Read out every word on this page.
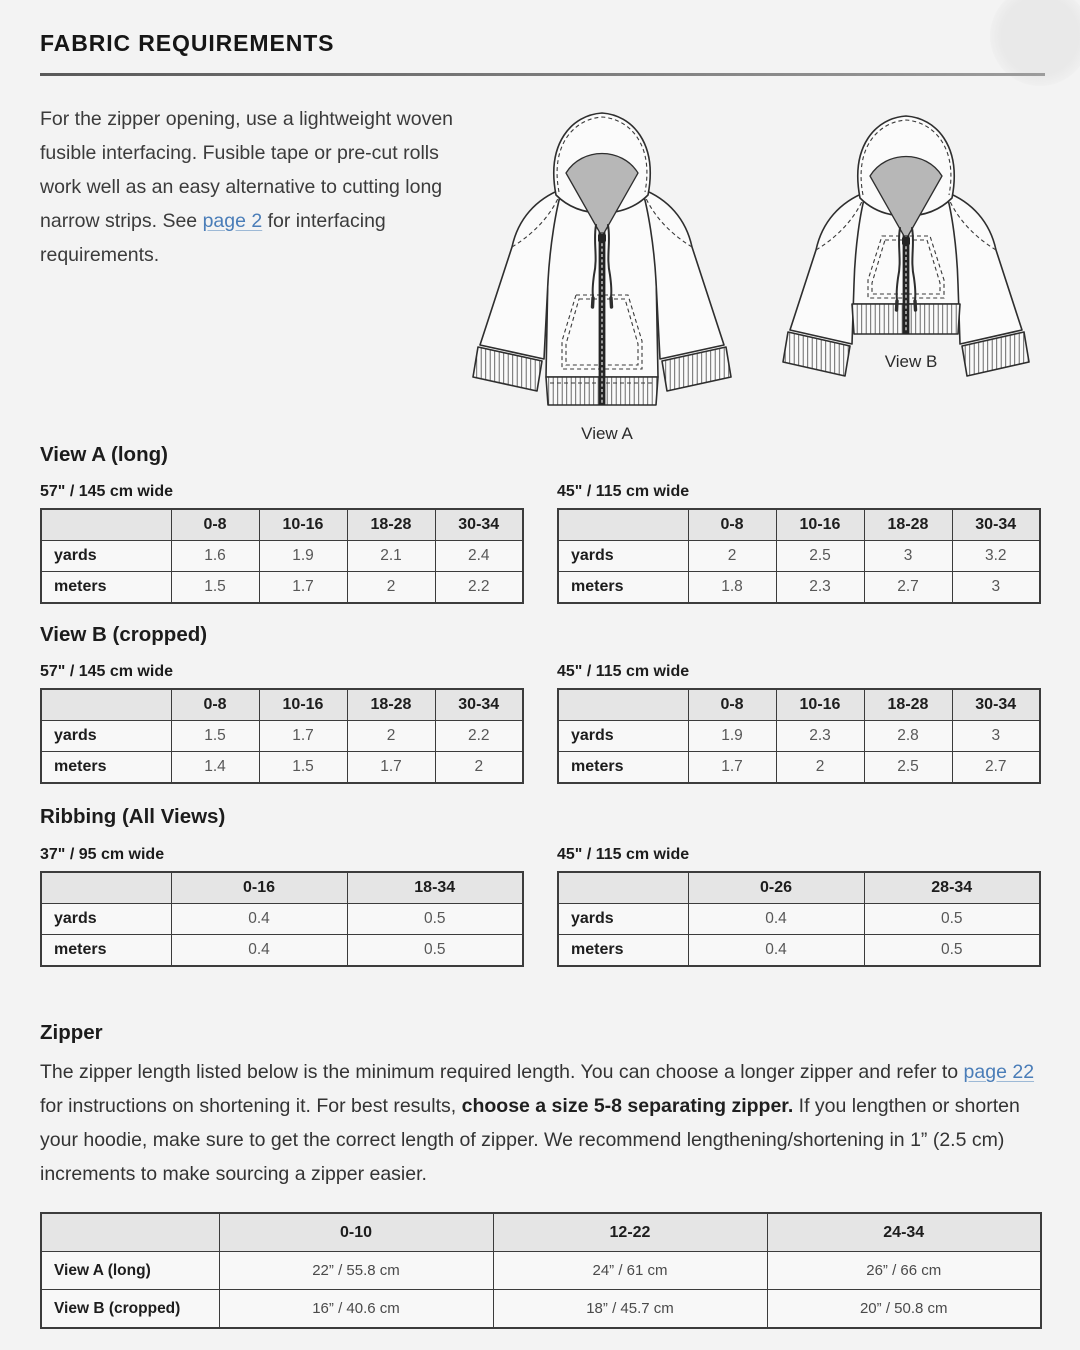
FABRIC REQUIREMENTS

For the zipper opening, use a lightweight woven fusible interfacing. Fusible tape or pre-cut rolls work well as an easy alternative to cutting long narrow strips. See page 2 for interfacing requirements.

View A
View B
View A (long)
57" / 145 cm wide	45" / 115 cm wide
	0-8	10-16	18-28	30-34
yards	1.6	1.9	2.1	2.4
meters	1.5	1.7	2	2.2
	0-8	10-16	18-28	30-34
yards	2	2.5	3	3.2
meters	1.8	2.3	2.7	3
View B (cropped)
57" / 145 cm wide	45" / 115 cm wide
	0-8	10-16	18-28	30-34
yards	1.5	1.7	2	2.2
meters	1.4	1.5	1.7	2
	0-8	10-16	18-28	30-34
yards	1.9	2.3	2.8	3
meters	1.7	2	2.5	2.7
Ribbing (All Views)
37" / 95 cm wide	45" / 115 cm wide
	0-16	18-34
yards	0.4	0.5
meters	0.4	0.5
	0-26	28-34
yards	0.4	0.5
meters	0.4	0.5
Zipper

The zipper length listed below is the minimum required length. You can choose a longer zipper and refer to page 22 for instructions on shortening it. For best results, choose a size 5-8 separating zipper. If you lengthen or shorten your hoodie, make sure to get the correct length of zipper. We recommend lengthening/shortening in 1” (2.5 cm) increments to make sourcing a zipper easier.

	0-10	12-22	24-34
View A (long)	22” / 55.8 cm	24” / 61 cm	26” / 66 cm
View B (cropped)	16” / 40.6 cm	18” / 45.7 cm	20” / 50.8 cm
